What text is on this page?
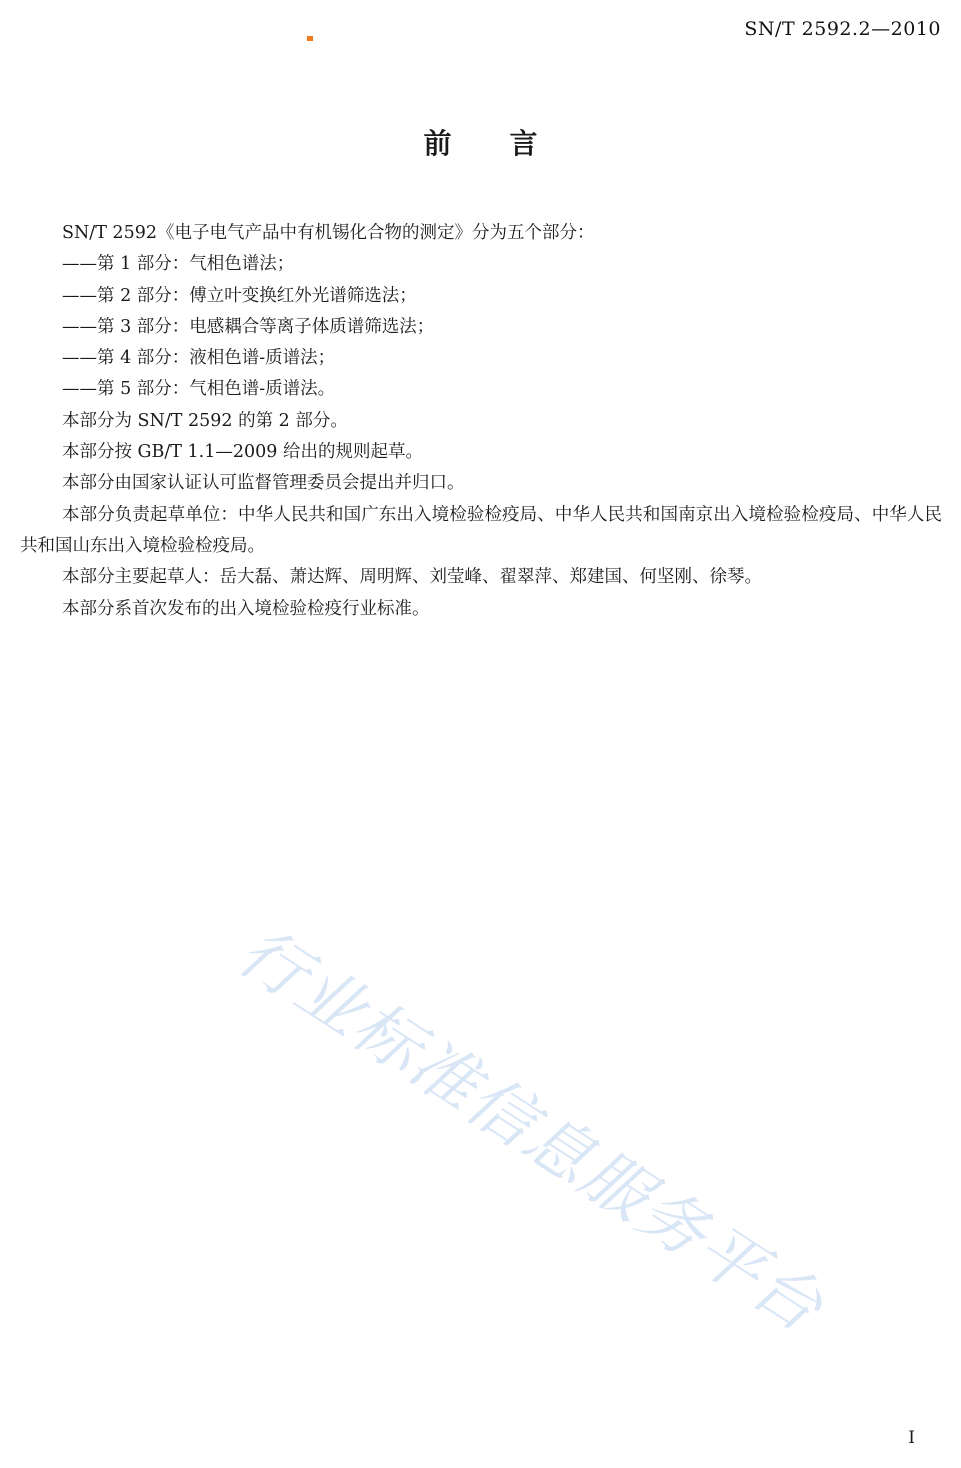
SN/T 2592.2—2010
前 言

SN/T 2592《电子电气产品中有机锡化合物的测定》分为五个部分：

——第 1 部分：气相色谱法；

——第 2 部分：傅立叶变换红外光谱筛选法；

——第 3 部分：电感耦合等离子体质谱筛选法；

——第 4 部分：液相色谱-质谱法；

——第 5 部分：气相色谱-质谱法。

本部分为 SN/T 2592 的第 2 部分。

本部分按 GB/T 1.1—2009 给出的规则起草。

本部分由国家认证认可监督管理委员会提出并归口。

本部分负责起草单位：中华人民共和国广东出入境检验检疫局、中华人民共和国南京出入境检验检疫局、中华人民共和国山东出入境检验检疫局。

本部分主要起草人：岳大磊、萧达辉、周明辉、刘莹峰、翟翠萍、郑建国、何坚刚、徐琴。

本部分系首次发布的出入境检验检疫行业标准。

行业标准信息服务平台
I
